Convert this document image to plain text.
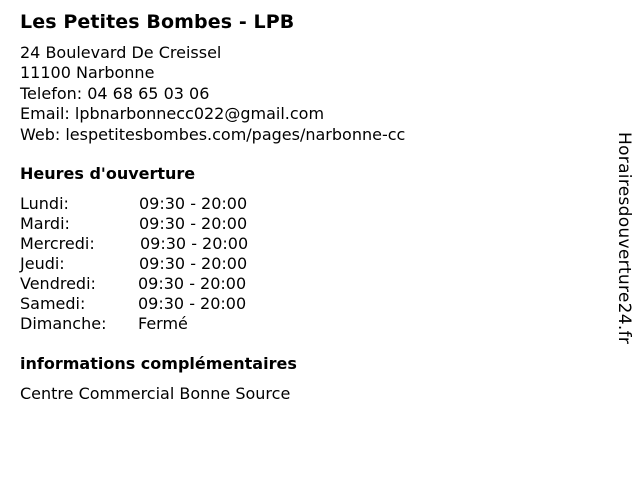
Les Petites Bombes - LPB
24 Boulevard De Creissel
11100 Narbonne
Telefon: 04 68 65 03 06
Email: lpbnarbonnecc022@gmail.com
Web: lespetitesbombes.com/pages/narbonne-cc
Heures d'ouverture
Lundi:	09:30 - 20:00
Mardi:	09:30 - 20:00
Mercredi:	09:30 - 20:00
Jeudi:	09:30 - 20:00
Vendredi:	09:30 - 20:00
Samedi:	09:30 - 20:00
Dimanche:	Fermé
informations complémentaires
Centre Commercial Bonne Source
Horairesdouverture24.fr
